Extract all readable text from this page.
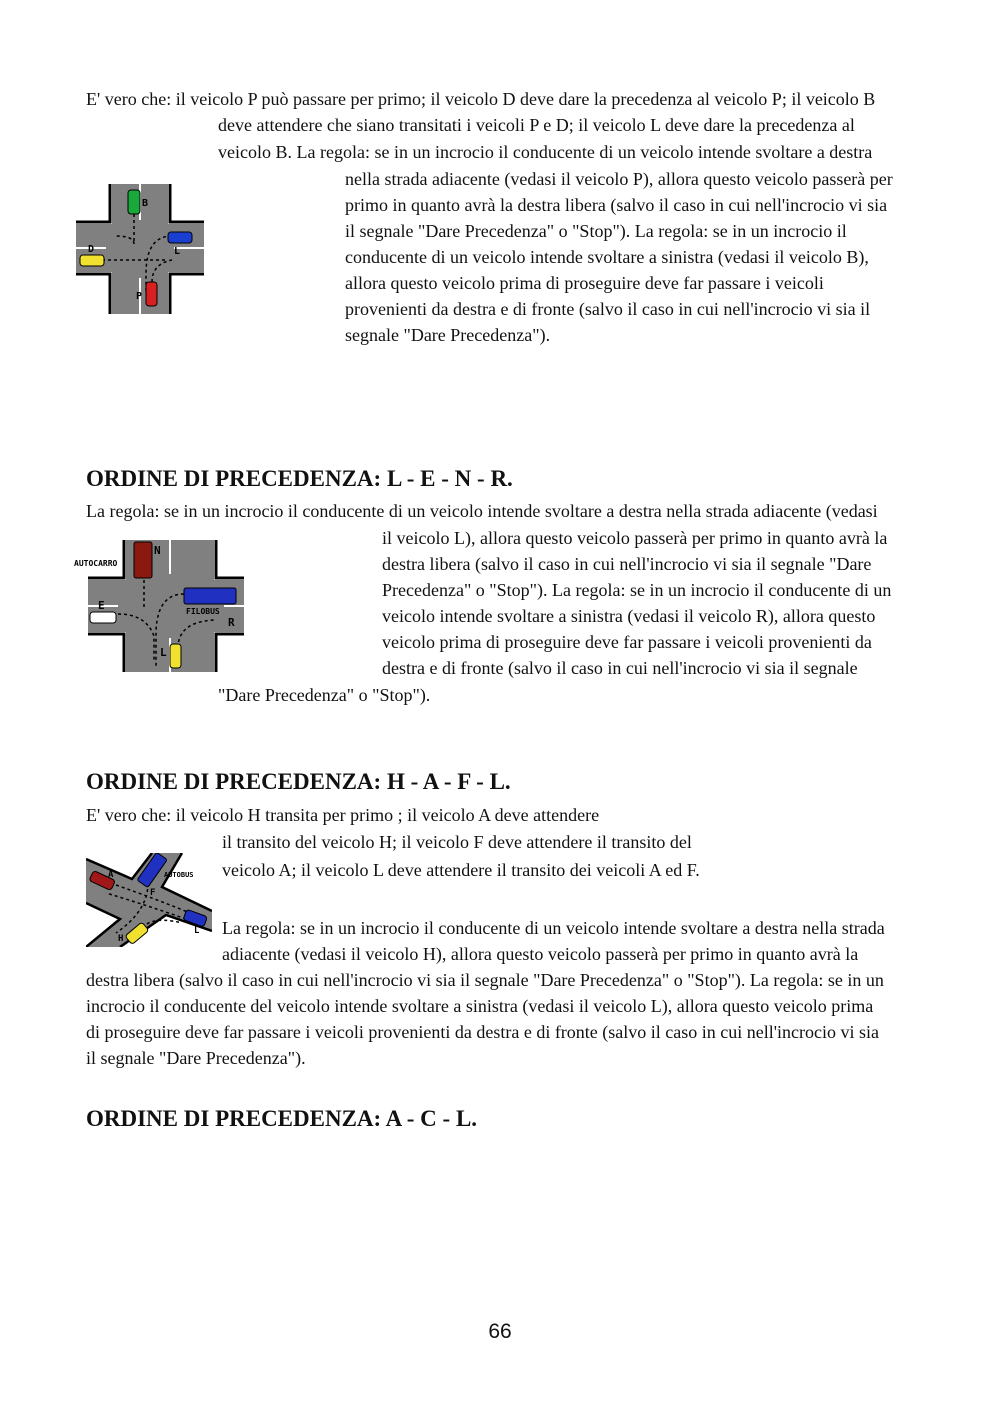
E' vero che: il veicolo P può passare per primo; il veicolo D deve dare la precedenza al veicolo P; il veicolo B
deve attendere che siano transitati i veicoli P e D; il veicolo L deve dare la precedenza al
veicolo B. La regola: se in un incrocio il conducente di un veicolo intende svoltare a destra
nella strada adiacente (vedasi il veicolo P), allora questo veicolo passerà per
primo in quanto avrà la destra libera (salvo il caso in cui nell'incrocio vi sia
il segnale "Dare Precedenza" o "Stop"). La regola: se in un incrocio il
conducente di un veicolo intende svoltare a sinistra (vedasi il veicolo B),
allora questo veicolo prima di proseguire deve far passare i veicoli
provenienti da destra e di fronte (salvo il caso in cui nell'incrocio vi sia il
segnale "Dare Precedenza").
B
L
D
P
ORDINE DI PRECEDENZA: L - E - N - R.
La regola: se in un incrocio il conducente di un veicolo intende svoltare a destra nella strada adiacente (vedasi
il veicolo L), allora questo veicolo passerà per primo in quanto avrà la
destra libera (salvo il caso in cui nell'incrocio vi sia il segnale "Dare
Precedenza" o "Stop"). La regola: se in un incrocio il conducente di un
veicolo intende svoltare a sinistra (vedasi il veicolo R), allora questo
veicolo prima di proseguire deve far passare i veicoli provenienti da
destra e di fronte (salvo il caso in cui nell'incrocio vi sia il segnale
"Dare Precedenza" o "Stop").
AUTOCARRO
N
E	FILOBUS
R
L
ORDINE DI PRECEDENZA: H - A - F - L.
E' vero che: il veicolo H transita per primo ; il veicolo A deve attendere
il transito del veicolo H; il veicolo F deve attendere il transito del
veicolo A; il veicolo L deve attendere il transito dei veicoli A ed F.
La regola: se in un incrocio il conducente di un veicolo intende svoltare a destra nella strada
adiacente (vedasi il veicolo H), allora questo veicolo passerà per primo in quanto avrà la
destra libera (salvo il caso in cui nell'incrocio vi sia il segnale "Dare Precedenza" o "Stop"). La regola: se in un
incrocio il conducente del veicolo intende svoltare a sinistra (vedasi il veicolo L), allora questo veicolo prima
di proseguire deve far passare i veicoli provenienti da destra e di fronte (salvo il caso in cui nell'incrocio vi sia
il segnale "Dare Precedenza").
A	AUTOBUS
F
H
L
ORDINE DI PRECEDENZA: A - C - L.
66
